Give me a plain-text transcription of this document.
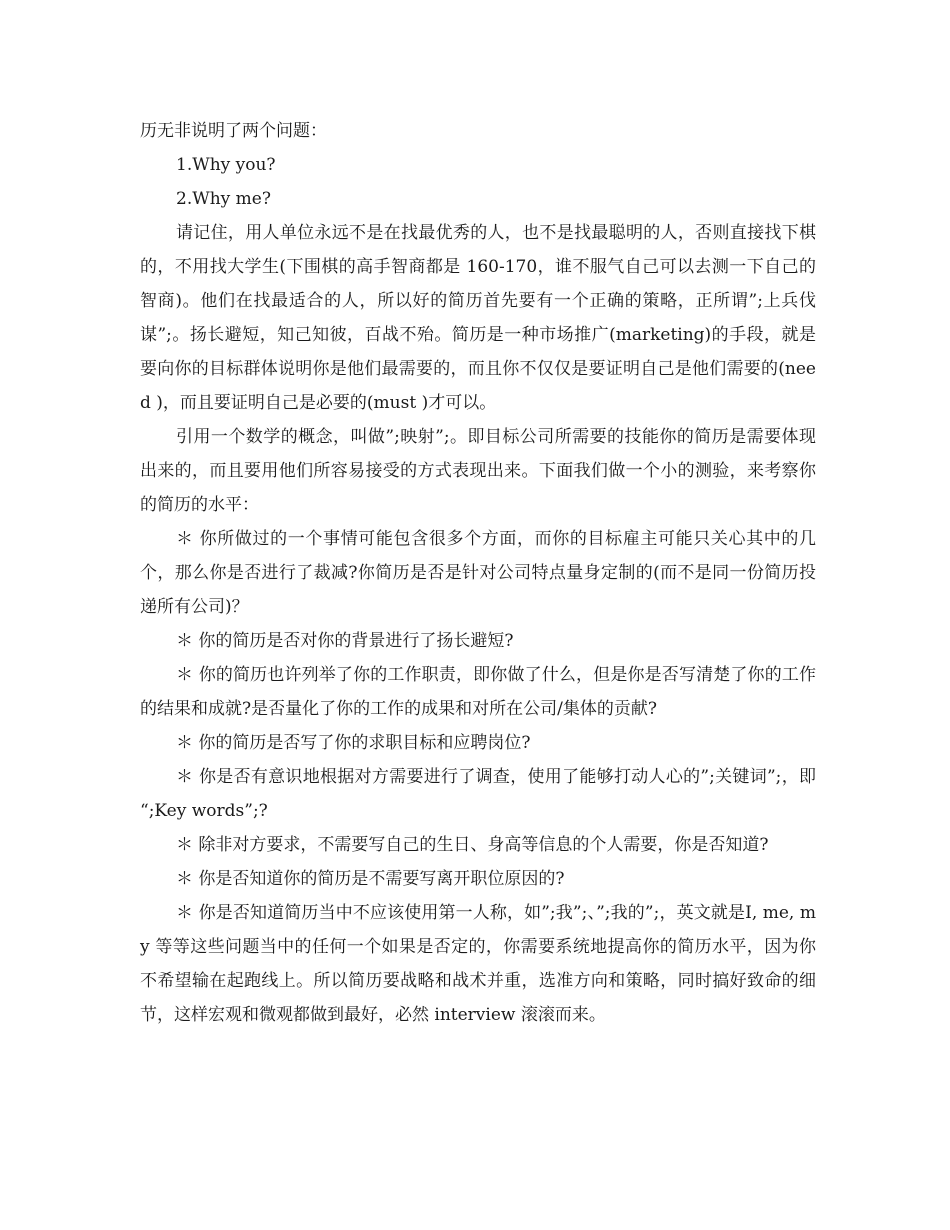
历无非说明了两个问题：

1.Why you?

2.Why me?

请记住，用人单位永远不是在找最优秀的人，也不是找最聪明的人，否则直接找下棋的，不用找大学生(下围棋的高手智商都是 160-170，谁不服气自己可以去测一下自己的智商)。他们在找最适合的人，所以好的简历首先要有一个正确的策略，正所谓”;上兵伐谋”;。扬长避短，知己知彼，百战不殆。简历是一种市场推广(marketing)的手段，就是要向你的目标群体说明你是他们最需要的，而且你不仅仅是要证明自己是他们需要的(need )，而且要证明自己是必要的(must )才可以。

引用一个数学的概念，叫做”;映射”;。即目标公司所需要的技能你的简历是需要体现出来的，而且要用他们所容易接受的方式表现出来。下面我们做一个小的测验，来考察你的简历的水平：

＊ 你所做过的一个事情可能包含很多个方面，而你的目标雇主可能只关心其中的几个，那么你是否进行了裁减?你简历是否是针对公司特点量身定制的(而不是同一份简历投递所有公司)？

＊ 你的简历是否对你的背景进行了扬长避短?

＊ 你的简历也许列举了你的工作职责，即你做了什么，但是你是否写清楚了你的工作的结果和成就?是否量化了你的工作的成果和对所在公司/集体的贡献?

＊ 你的简历是否写了你的求职目标和应聘岗位?

＊ 你是否有意识地根据对方需要进行了调查，使用了能够打动人心的”;关键词”;，即 “;Key words”;?

＊ 除非对方要求，不需要写自己的生日、身高等信息的个人需要，你是否知道?

＊ 你是否知道你的简历是不需要写离开职位原因的?

＊ 你是否知道简历当中不应该使用第一人称，如”;我”;、”;我的”;，英文就是I, me, my 等等这些问题当中的任何一个如果是否定的，你需要系统地提高你的简历水平，因为你不希望输在起跑线上。所以简历要战略和战术并重，选准方向和策略，同时搞好致命的细节，这样宏观和微观都做到最好，必然 interview 滚滚而来。
